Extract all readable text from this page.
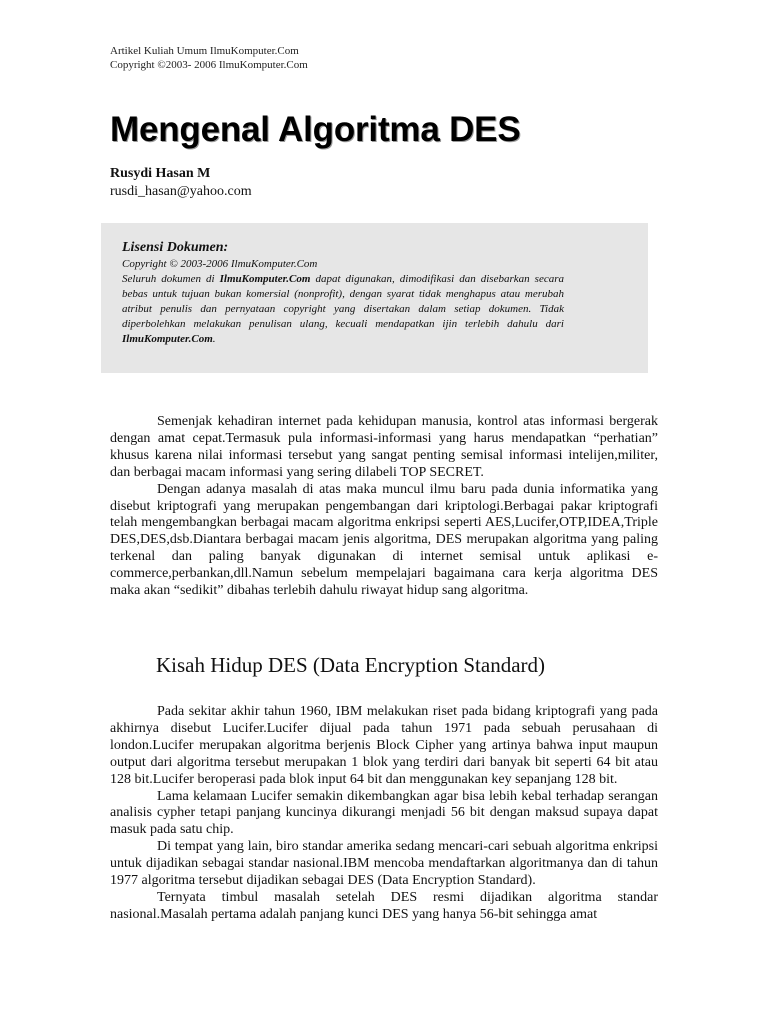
Artikel Kuliah Umum IlmuKomputer.Com
Copyright ©2003- 2006 IlmuKomputer.Com
Mengenal Algoritma DES
Rusydi Hasan M
rusdi_hasan@yahoo.com
Lisensi Dokumen:
Copyright © 2003-2006 IlmuKomputer.Com

Seluruh dokumen di IlmuKomputer.Com dapat digunakan, dimodifikasi dan disebarkan secara bebas untuk tujuan bukan komersial (nonprofit), dengan syarat tidak menghapus atau merubah atribut penulis dan pernyataan copyright yang disertakan dalam setiap dokumen. Tidak diperbolehkan melakukan penulisan ulang, kecuali mendapatkan ijin terlebih dahulu dari IlmuKomputer.Com.

Semenjak kehadiran internet pada kehidupan manusia, kontrol atas informasi bergerak dengan amat cepat.Termasuk pula informasi-informasi yang harus mendapatkan “perhatian” khusus karena nilai informasi tersebut yang sangat penting semisal informasi intelijen,militer, dan berbagai macam informasi yang sering dilabeli TOP SECRET.

Dengan adanya masalah di atas maka muncul ilmu baru pada dunia informatika yang disebut kriptografi yang merupakan pengembangan dari kriptologi.Berbagai pakar kriptografi telah mengembangkan berbagai macam algoritma enkripsi seperti AES,Lucifer,OTP,IDEA,Triple DES,DES,dsb.Diantara berbagai macam jenis algoritma, DES merupakan algoritma yang paling terkenal dan paling banyak digunakan di internet semisal untuk aplikasi e-commerce,perbankan,dll.Namun sebelum mempelajari bagaimana cara kerja algoritma DES maka akan “sedikit” dibahas terlebih dahulu riwayat hidup sang algoritma.

Kisah Hidup DES (Data Encryption Standard)

Pada sekitar akhir tahun 1960, IBM melakukan riset pada bidang kriptografi yang pada akhirnya disebut Lucifer.Lucifer dijual pada tahun 1971 pada sebuah perusahaan di london.Lucifer merupakan algoritma berjenis Block Cipher yang artinya bahwa input maupun output dari algoritma tersebut merupakan 1 blok yang terdiri dari banyak bit seperti 64 bit atau 128 bit.Lucifer beroperasi pada blok input 64 bit dan menggunakan key sepanjang 128 bit.

Lama kelamaan Lucifer semakin dikembangkan agar bisa lebih kebal terhadap serangan analisis cypher tetapi panjang kuncinya dikurangi menjadi 56 bit dengan maksud supaya dapat masuk pada satu chip.

Di tempat yang lain, biro standar amerika sedang mencari-cari sebuah algoritma enkripsi untuk dijadikan sebagai standar nasional.IBM mencoba mendaftarkan algoritmanya dan di tahun 1977 algoritma tersebut dijadikan sebagai DES (Data Encryption Standard).

Ternyata timbul masalah setelah DES resmi dijadikan algoritma standar nasional.Masalah pertama adalah panjang kunci DES yang hanya 56-bit sehingga amat
